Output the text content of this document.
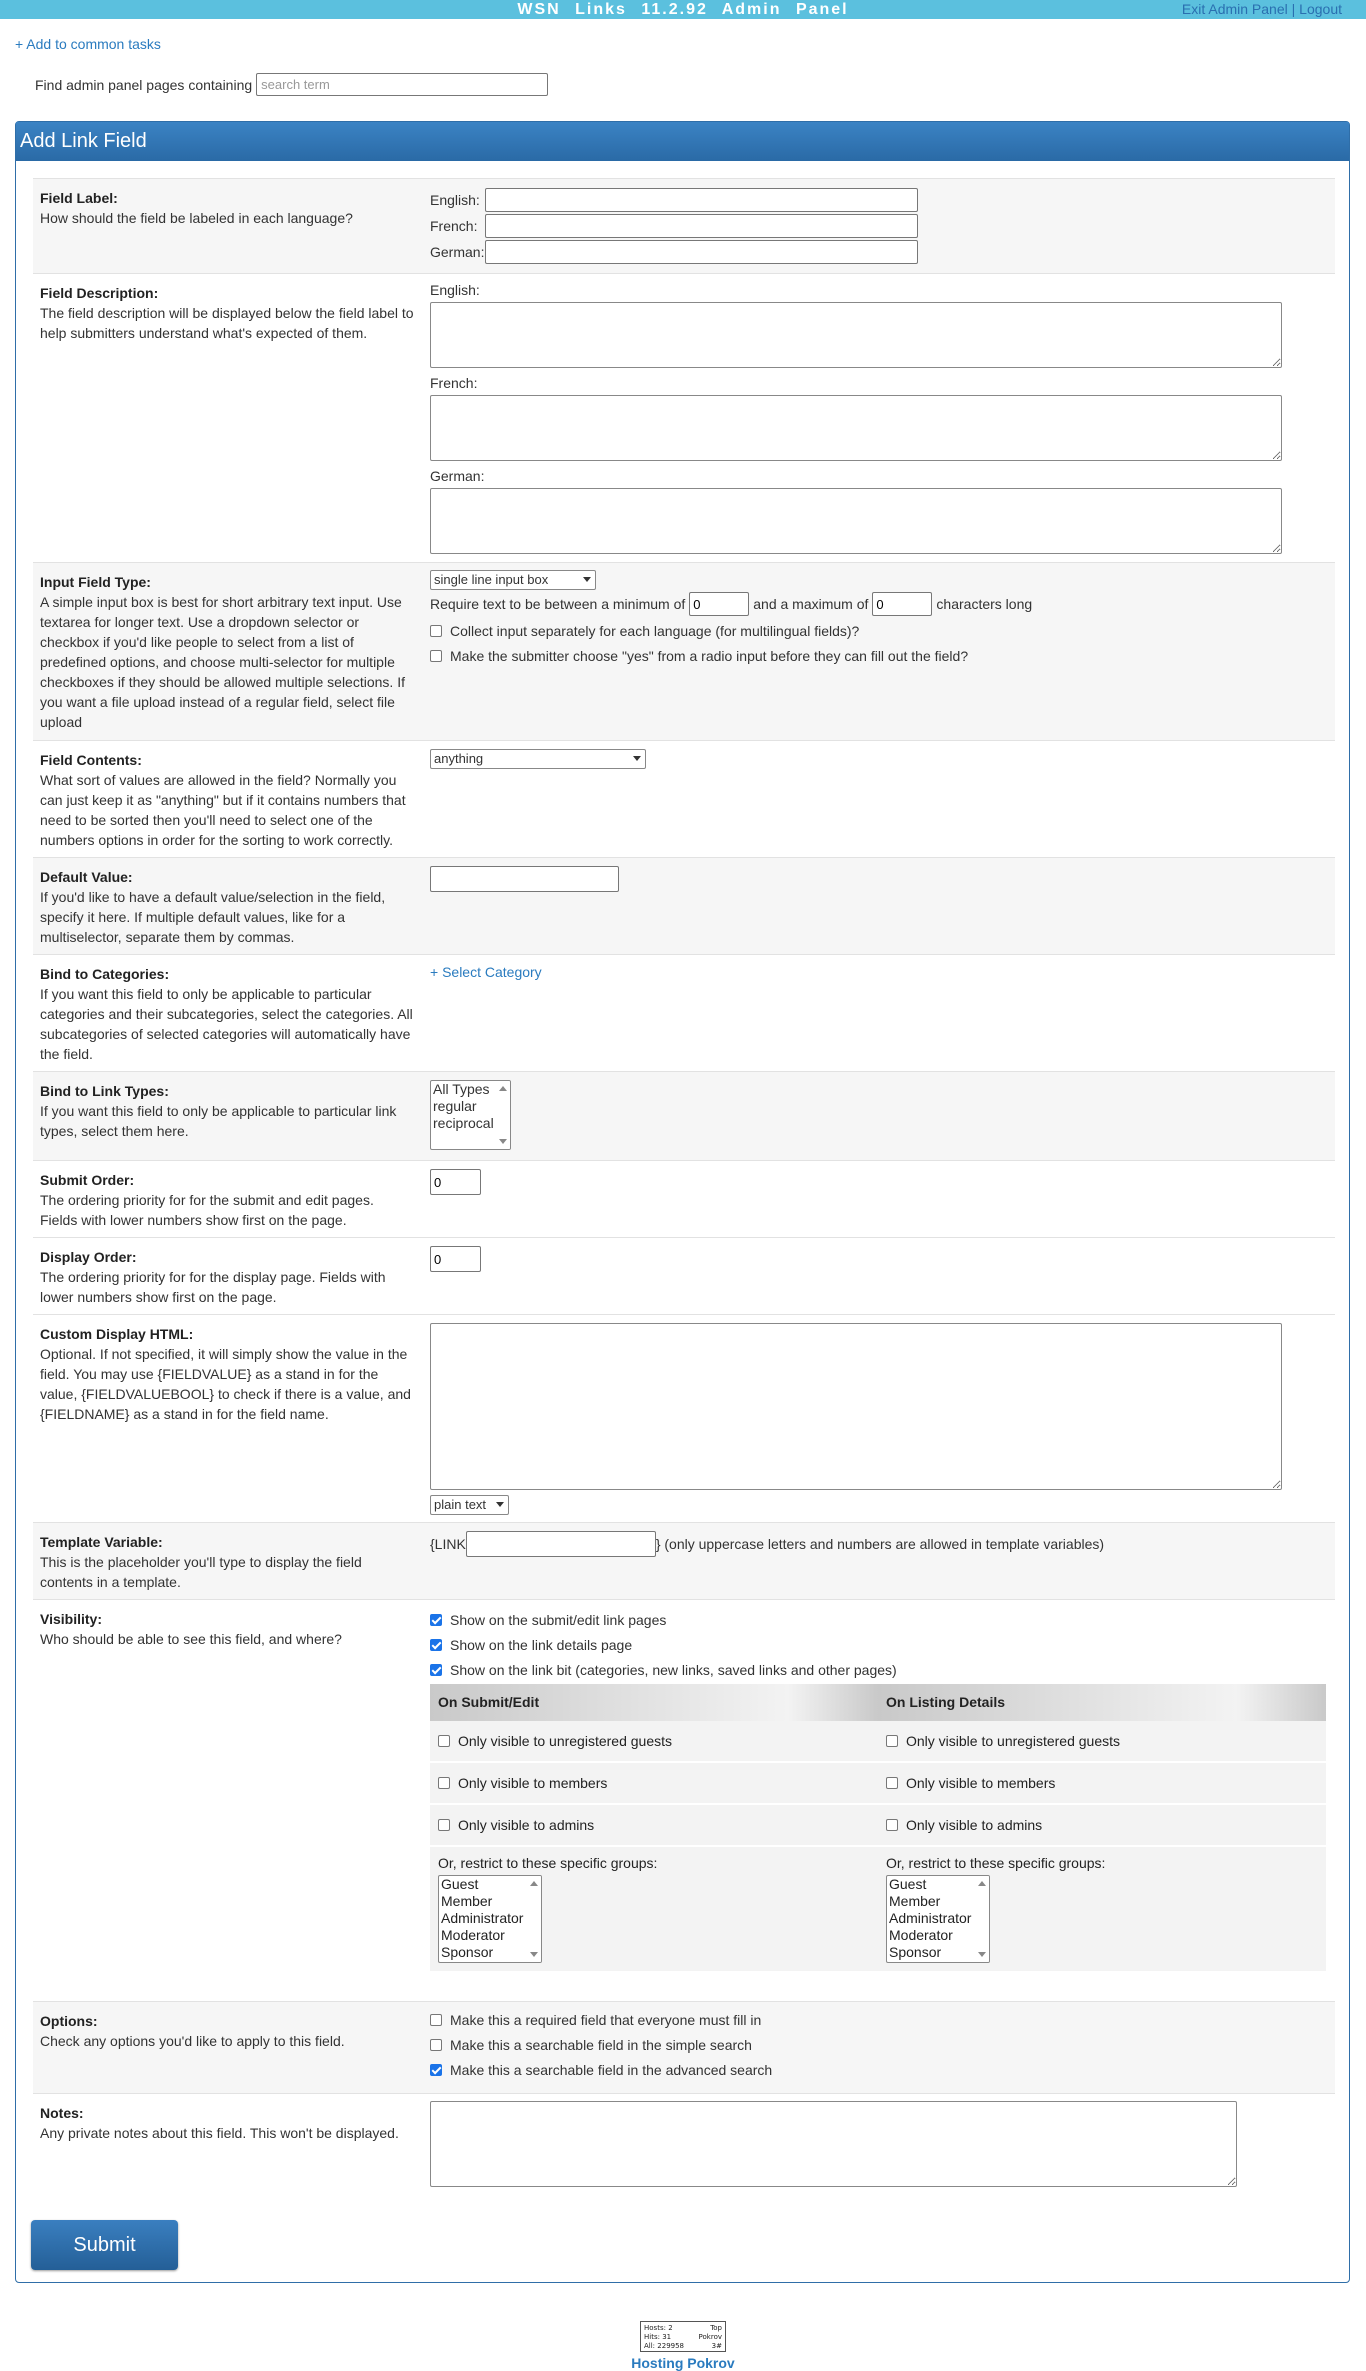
WSN Links 11.2.92 Admin Panel	Exit Admin Panel | Logout
+ Add to common tasks
Find admin panel pages containing
search term
Add Link Field
Field Label:
How should the field be labeled in each language?
English:
French:
German:
Field Description:
The field description will be displayed below the field label to help submitters understand what's expected of them.
English:
French:
German:
Input Field Type:
A simple input box is best for short arbitrary text input. Use textarea for longer text. Use a dropdown selector or checkbox if you'd like people to select from a list of predefined options, and choose multi-selector for multiple checkboxes if they should be allowed multiple selections. If you want a file upload instead of a regular field, select file upload
single line input box
Require text to be between a minimum of
0	and a maximum of
0	characters long
Collect input separately for each language (for multilingual fields)?
Make the submitter choose "yes" from a radio input before they can fill out the field?
Field Contents:
What sort of values are allowed in the field? Normally you can just keep it as "anything" but if it contains numbers that need to be sorted then you'll need to select one of the numbers options in order for the sorting to work correctly.
anything
Default Value:
If you'd like to have a default value/selection in the field, specify it here. If multiple default values, like for a multiselector, separate them by commas.
Bind to Categories:
If you want this field to only be applicable to particular categories and their subcategories, select the categories. All subcategories of selected categories will automatically have the field.
+ Select Category
Bind to Link Types:
If you want this field to only be applicable to particular link types, select them here.
All Types
regular
reciprocal
Submit Order:
The ordering priority for for the submit and edit pages. Fields with lower numbers show first on the page.
0
Display Order:
The ordering priority for for the display page. Fields with lower numbers show first on the page.
0
Custom Display HTML:
Optional. If not specified, it will simply show the value in the field. You may use {FIELDVALUE} as a stand in for the value, {FIELDVALUEBOOL} to check if there is a value, and {FIELDNAME} as a stand in for the field name.
plain text
Template Variable:
This is the placeholder you'll type to display the field contents in a template.
{LINK	} (only uppercase letters and numbers are allowed in template variables)
Visibility:
Who should be able to see this field, and where?
Show on the submit/edit link pages
Show on the link details page
Show on the link bit (categories, new links, saved links and other pages)
On Submit/Edit	On Listing Details
Only visible to unregistered guests	Only visible to unregistered guests
Only visible to members	Only visible to members
Only visible to admins	Only visible to admins
Or, restrict to these specific groups:
Guest
Member
Administrator
Moderator
Sponsor
Or, restrict to these specific groups:
Guest
Member
Administrator
Moderator
Sponsor
Options:
Check any options you'd like to apply to this field.
Make this a required field that everyone must fill in
Make this a searchable field in the simple search
Make this a searchable field in the advanced search
Notes:
Any private notes about this field. This won't be displayed.
Submit
Hosts: 2	Top
Hits: 31	Pokrov
All: 229958	3#
Hosting Pokrov
